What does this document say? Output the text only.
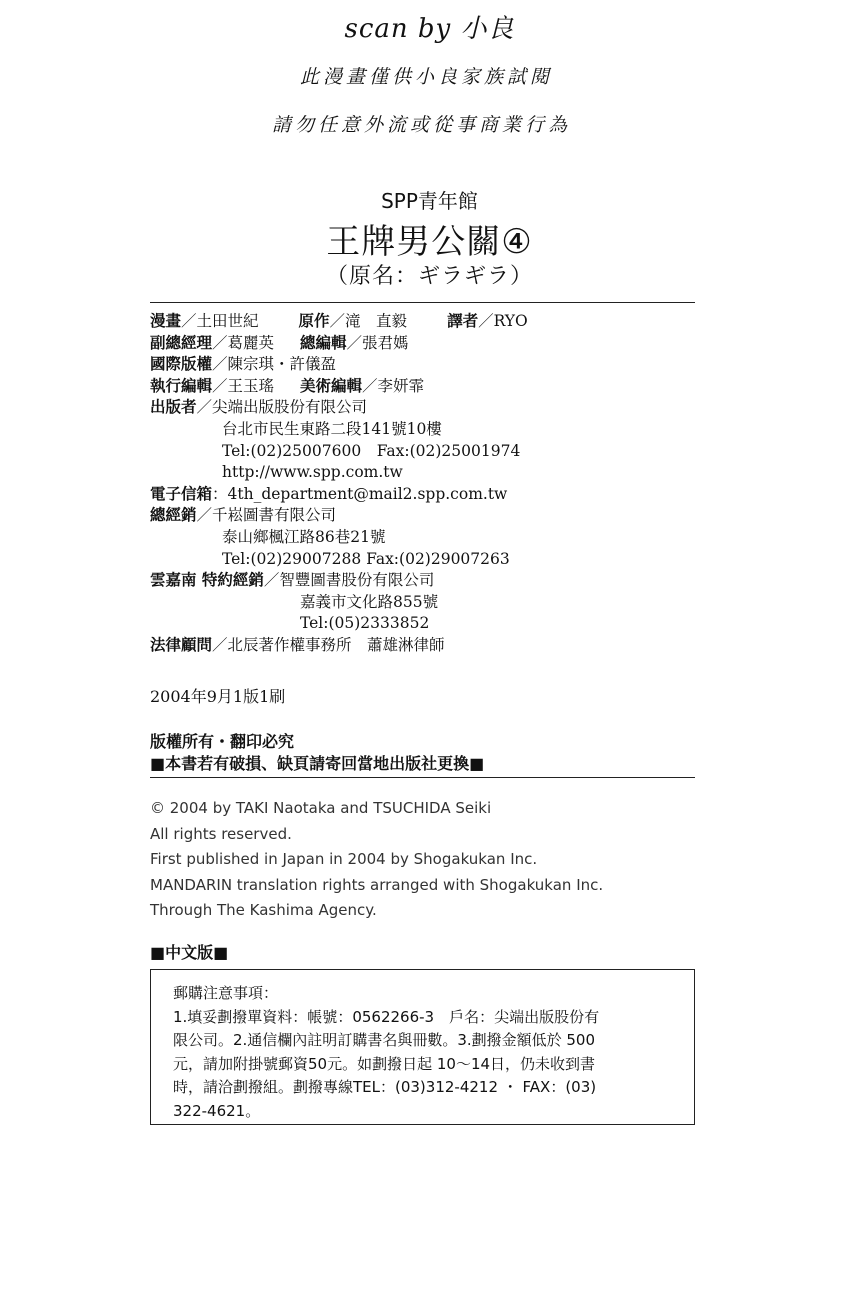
scan by 小良
此漫畫僅供小良家族試閱
請勿任意外流或從事商業行為
SPP青年館
王牌男公關④
（原名：ギラギラ）
漫畫／土田世紀	原作／滝　直毅	譯者／RYO
副總經理／葛麗英 總編輯／張君媽
國際版權／陳宗琪・許儀盈
執行編輯／王玉瑤 美術編輯／李妍霏
出版者／尖端出版股份有限公司
台北市民生東路二段141號10樓
Tel:(02)25007600　Fax:(02)25001974
http://www.spp.com.tw
電子信箱：4th_department@mail2.spp.com.tw
總經銷／千崧圖書有限公司
泰山鄉楓江路86巷21號
Tel:(02)29007288 Fax:(02)29007263
雲嘉南 特約經銷／智豐圖書股份有限公司
嘉義市文化路855號
Tel:(05)2333852
法律顧問／北辰著作權事務所　蕭雄淋律師
2004年9月1版1刷
版權所有・翻印必究
■本書若有破損、缺頁請寄回當地出版社更換■
© 2004 by TAKI Naotaka and TSUCHIDA Seiki
All rights reserved.
First published in Japan in 2004 by Shogakukan Inc.
MANDARIN translation rights arranged with Shogakukan Inc.
Through The Kashima Agency.
■中文版■
郵購注意事項：
1.填妥劃撥單資料：帳號：0562266-3　戶名：尖端出版股份有
限公司。2.通信欄內註明訂購書名與冊數。3.劃撥金額低於 500
元，請加附掛號郵資50元。如劃撥日起 10～14日，仍未收到書
時，請洽劃撥組。劃撥專線TEL：(03)312-4212 ・ FAX：(03)
322-4621。
